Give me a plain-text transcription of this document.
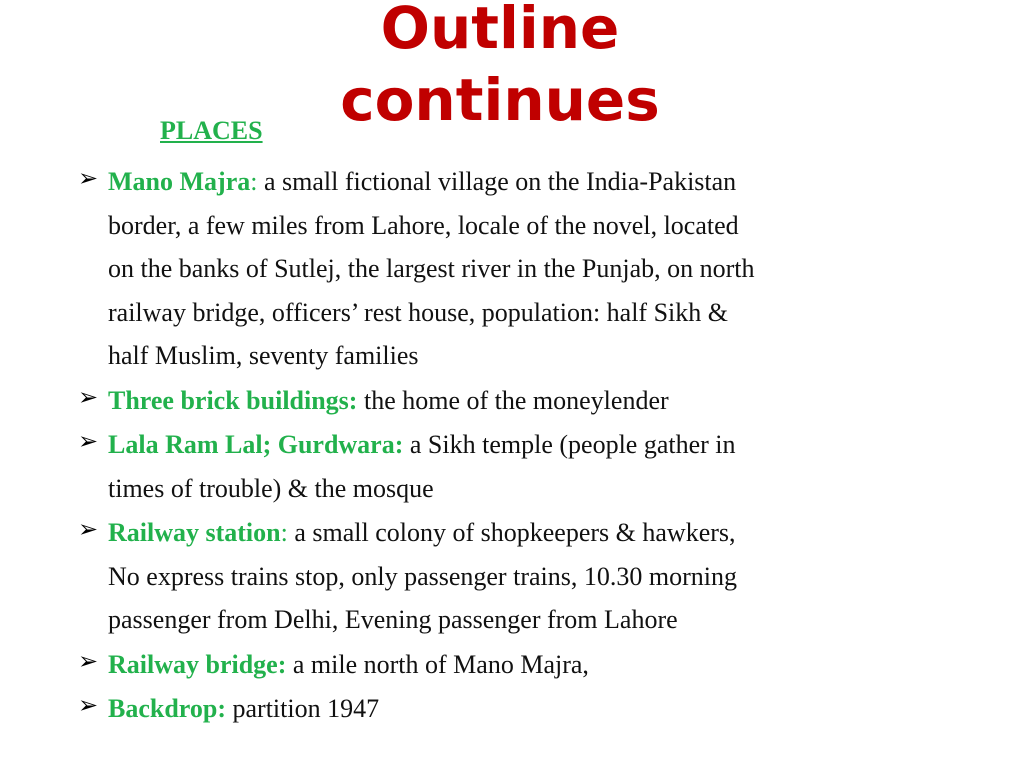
Outline
continues
PLACES
➢ Mano Majra: a small fictional village on the India-Pakistan
border, a few miles from Lahore, locale of the novel, located
on the banks of Sutlej, the largest river in the Punjab, on north
railway bridge, officers’ rest house, population: half Sikh &
half Muslim, seventy families
➢ Three brick buildings: the home of the moneylender
➢ Lala Ram Lal; Gurdwara: a Sikh temple (people gather in
times of trouble) & the mosque
➢ Railway station: a small colony of shopkeepers & hawkers,
No express trains stop, only passenger trains, 10.30 morning
passenger from Delhi, Evening passenger from Lahore
➢ Railway bridge: a mile north of Mano Majra,
➢ Backdrop: partition 1947
